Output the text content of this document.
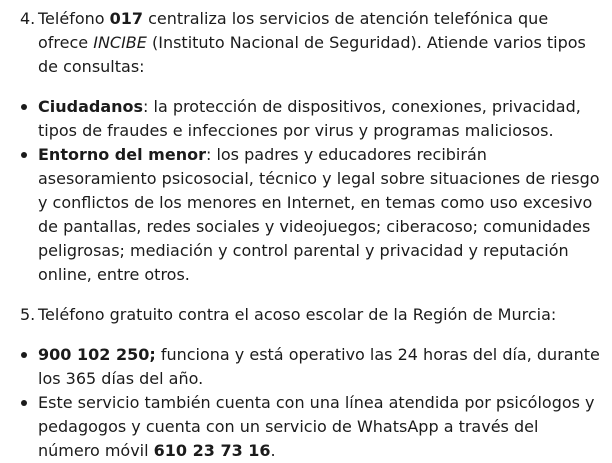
4. Teléfono 017 centraliza los servicios de atención telefónica que ofrece INCIBE (Instituto Nacional de Seguridad). Atiende varios tipos de consultas:
Ciudadanos: la protección de dispositivos, conexiones, privacidad, tipos de fraudes e infecciones por virus y programas maliciosos.
Entorno del menor: los padres y educadores recibirán asesoramiento psicosocial, técnico y legal sobre situaciones de riesgo y conflictos de los menores en Internet, en temas como uso excesivo de pantallas, redes sociales y videojuegos; ciberacoso; comunidades peligrosas; mediación y control parental y privacidad y reputación online, entre otros.
5. Teléfono gratuito contra el acoso escolar de la Región de Murcia:
900 102 250; funciona y está operativo las 24 horas del día, durante los 365 días del año.
Este servicio también cuenta con una línea atendida por psicólogos y pedagogos y cuenta con un servicio de WhatsApp a través del número móvil 610 23 73 16.
